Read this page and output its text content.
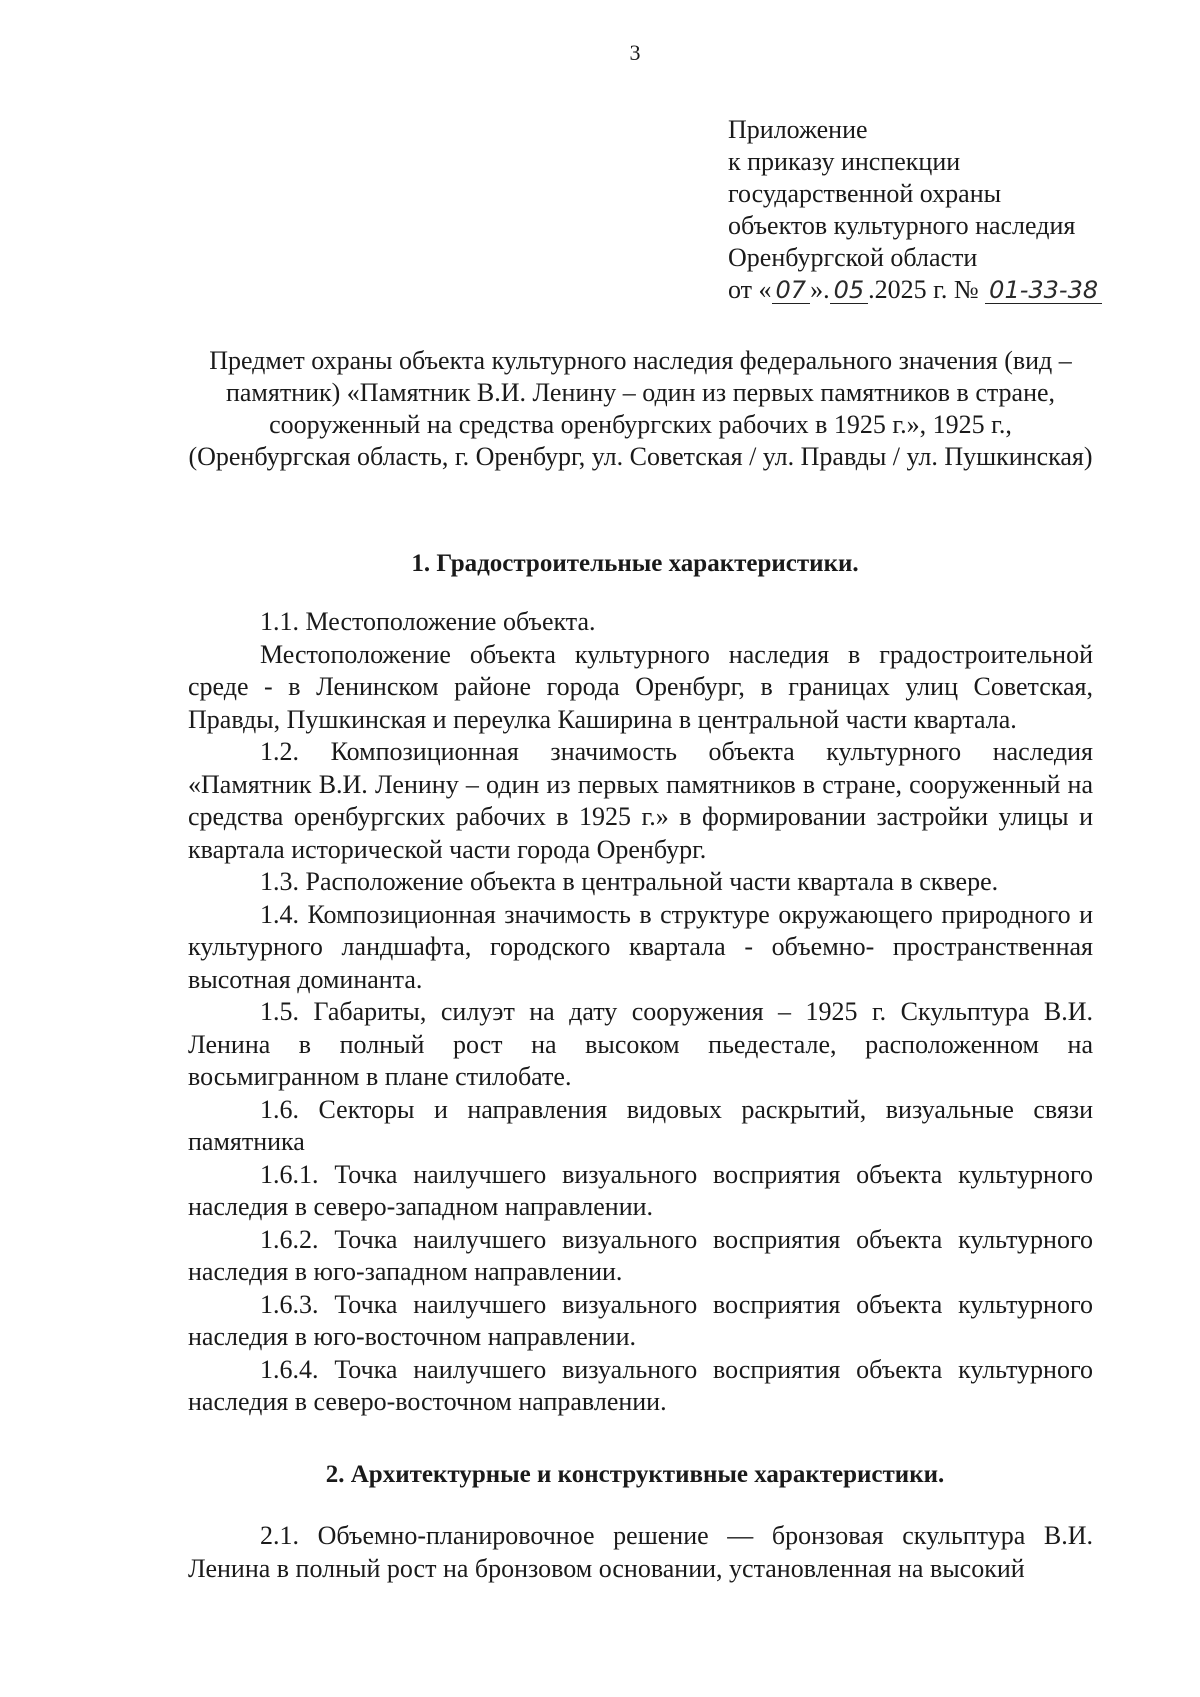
3
Приложение
к приказу инспекции
государственной охраны
объектов культурного наследия
Оренбургской области
от « 07 ». 05 .2025 г. № 01-33-38
Предмет охраны объекта культурного наследия федерального значения (вид – памятник) «Памятник В.И. Ленину – один из первых памятников в стране, сооруженный на средства оренбургских рабочих в 1925 г.», 1925 г., (Оренбургская область, г. Оренбург, ул. Советская / ул. Правды / ул. Пушкинская)
1. Градостроительные характеристики.

1.1. Местоположение объекта.

Местоположение объекта культурного наследия в градостроительной среде - в Ленинском районе города Оренбург, в границах улиц Советская, Правды, Пушкинская и переулка Каширина в центральной части квартала.

1.2. Композиционная значимость объекта культурного наследия «Памятник В.И. Ленину – один из первых памятников в стране, сооруженный на средства оренбургских рабочих в 1925 г.» в формировании застройки улицы и квартала исторической части города Оренбург.

1.3. Расположение объекта в центральной части квартала в сквере.

1.4. Композиционная значимость в структуре окружающего природного и культурного ландшафта, городского квартала - объемно- пространственная высотная доминанта.

1.5. Габариты, силуэт на дату сооружения – 1925 г. Скульптура В.И. Ленина в полный рост на высоком пьедестале, расположенном на восьмигранном в плане стилобате.

1.6. Секторы и направления видовых раскрытий, визуальные связи памятника

1.6.1. Точка наилучшего визуального восприятия объекта культурного наследия в северо-западном направлении.

1.6.2. Точка наилучшего визуального восприятия объекта культурного наследия в юго-западном направлении.

1.6.3. Точка наилучшего визуального восприятия объекта культурного наследия в юго-восточном направлении.

1.6.4. Точка наилучшего визуального восприятия объекта культурного наследия в северо-восточном направлении.

2. Архитектурные и конструктивные характеристики.

2.1. Объемно-планировочное решение — бронзовая скульптура В.И. Ленина в полный рост на бронзовом основании, установленная на высокий
